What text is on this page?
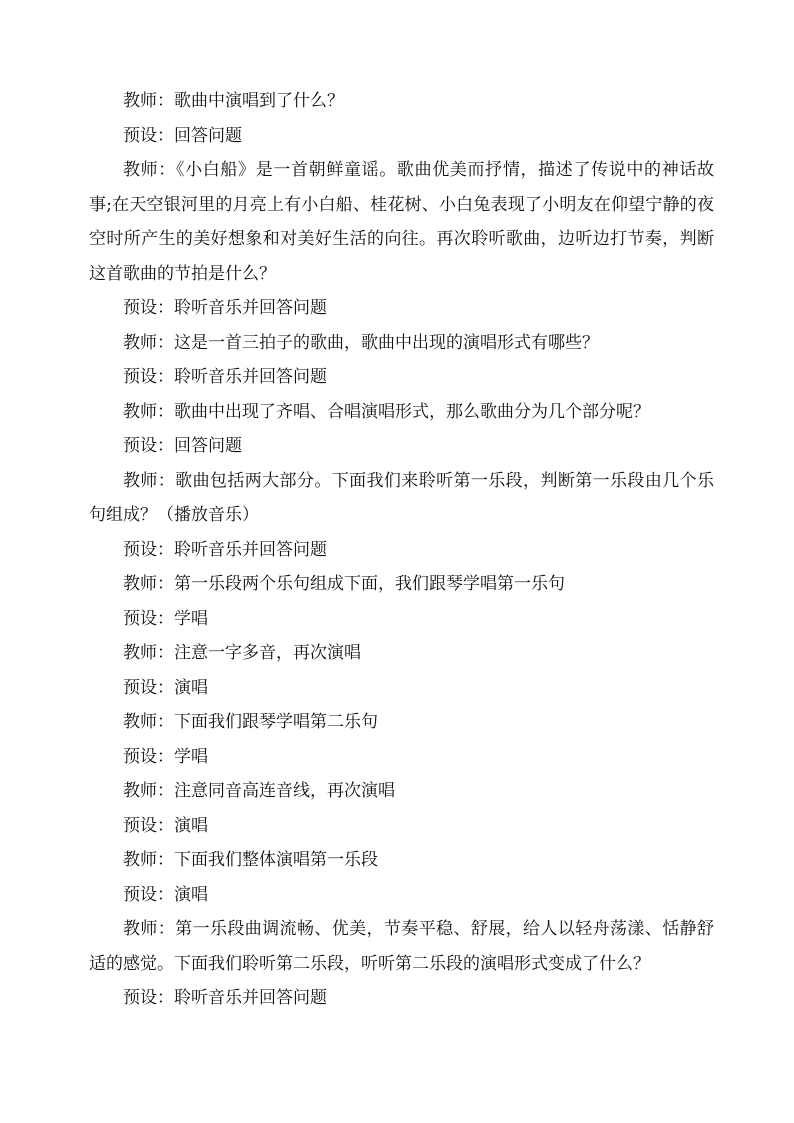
教师：歌曲中演唱到了什么？

预设：回答问题

教师：《小白船》是一首朝鲜童谣。歌曲优美而抒情，描述了传说中的神话故事;在天空银河里的月亮上有小白船、桂花树、小白兔表现了小明友在仰望宁静的夜空时所产生的美好想象和对美好生活的向往。再次聆听歌曲，边听边打节奏，判断这首歌曲的节拍是什么？

预设：聆听音乐并回答问题

教师：这是一首三拍子的歌曲，歌曲中出现的演唱形式有哪些？

预设：聆听音乐并回答问题

教师：歌曲中出现了齐唱、合唱演唱形式，那么歌曲分为几个部分呢？

预设：回答问题

教师：歌曲包括两大部分。下面我们来聆听第一乐段，判断第一乐段由几个乐句组成？（播放音乐）

预设：聆听音乐并回答问题

教师：第一乐段两个乐句组成下面，我们跟琴学唱第一乐句

预设：学唱

教师：注意一字多音，再次演唱

预设：演唱

教师：下面我们跟琴学唱第二乐句

预设：学唱

教师：注意同音高连音线，再次演唱

预设：演唱

教师：下面我们整体演唱第一乐段

预设：演唱

教师：第一乐段曲调流畅、优美，节奏平稳、舒展，给人以轻舟荡漾、恬静舒适的感觉。下面我们聆听第二乐段，听听第二乐段的演唱形式变成了什么？

预设：聆听音乐并回答问题
